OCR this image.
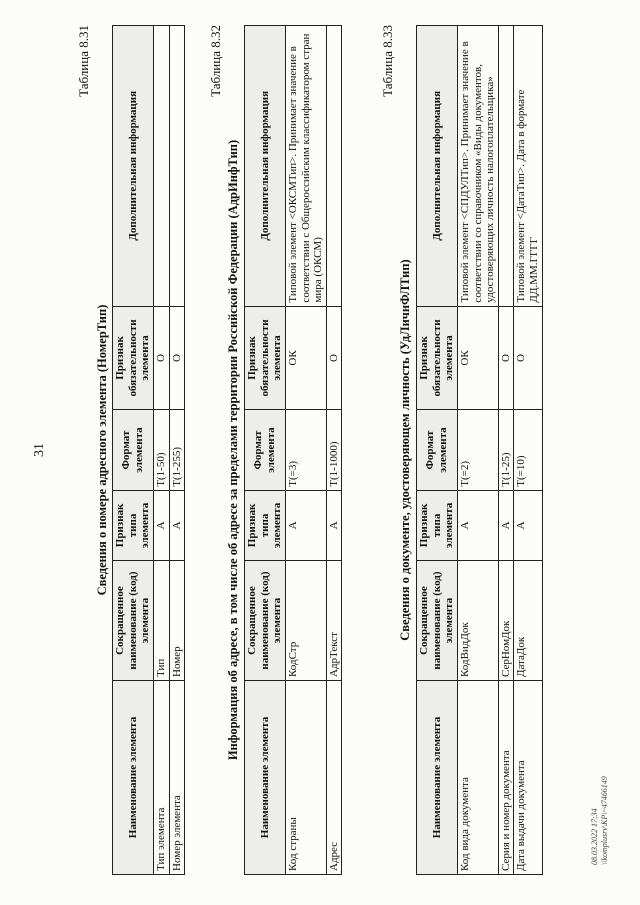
31
Таблица 8.31
Сведения о номере адресного элемента (НомерТип)
Наименование элемента	Сокращенное наименование (код) элемента	Признак типа элемента	Формат элемента	Признак обязательности элемента	Дополнительная информация
Тип элемента	Тип	А	Т(1-50)	О	
Номер элемента	Номер	А	Т(1-255)	О	
Таблица 8.32
Информация об адресе, в том числе об адресе за пределами территории Российской Федерации (АдрИнфТип)
Наименование элемента	Сокращенное наименование (код) элемента	Признак типа элемента	Формат элемента	Признак обязательности элемента	Дополнительная информация
Код страны	КодСтр	А	Т(=3)	ОК	Типовой элемент <ОКСМТип>. Принимает значение в соответствии с Общероссийским классификатором стран мира (ОКСМ)
Адрес	АдрТекст	А	Т(1-1000)	О	
Таблица 8.33
Сведения о документе, удостоверяющем личность (УдЛичнФЛТип)
Наименование элемента	Сокращенное наименование (код) элемента	Признак типа элемента	Формат элемента	Признак обязательности элемента	Дополнительная информация
Код вида документа	КодВидДок	А	Т(=2)	ОК	Типовой элемент <СПДУЛТип>. Принимает значение в соответствии со справочником «Виды документов, удостоверяющих личность налогоплательщика»
Серия и номер документа	СерНомДок	А	Т(1-25)	О	
Дата выдачи документа	ДатаДок	А	Т(=10)	О	Типовой элемент <ДатаТип>. Дата в формате ДД.ММ.ГГГГ
08.03.2022 17:34 \\komplusrv\KP\~47466149
